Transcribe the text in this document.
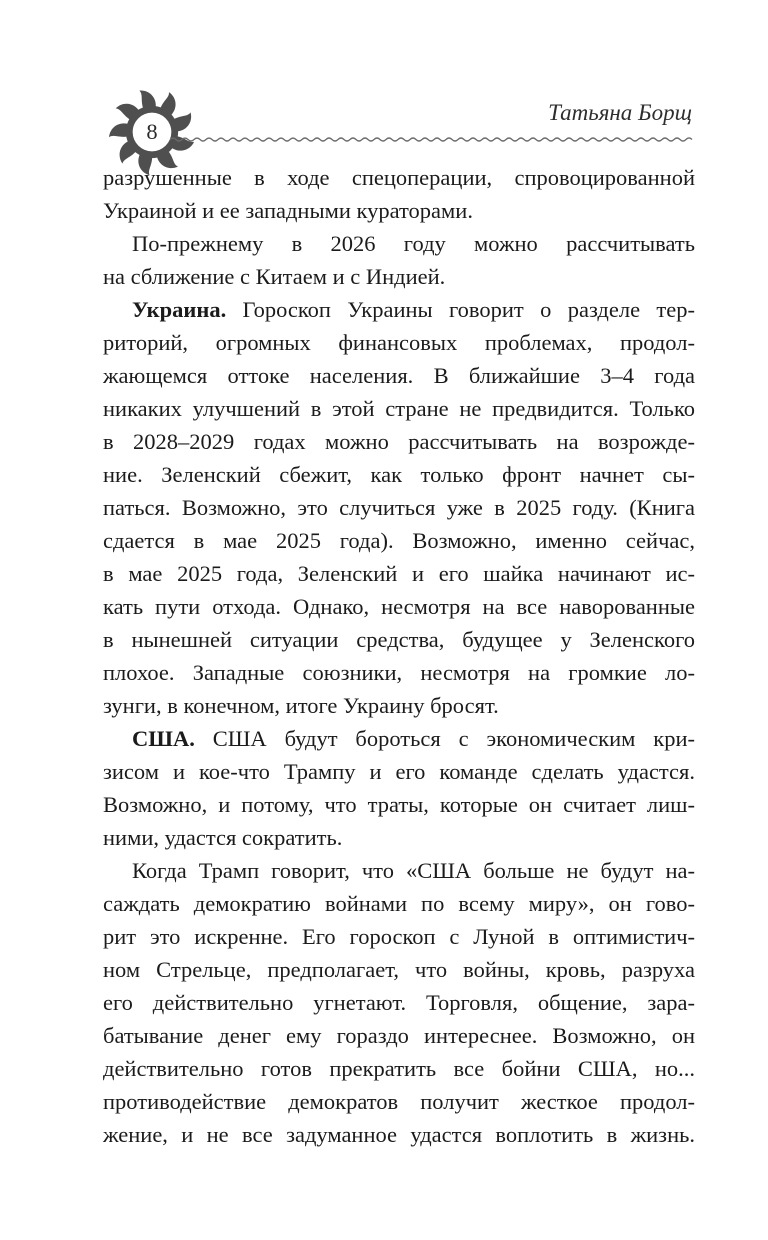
8
Татьяна Борщ
разрушенные в ходе спецоперации, спровоцированной
Украиной и ее западными кураторами.
По-прежнему в 2026 году можно рассчитывать
на сближение с Китаем и с Индией.
Украина. Гороскоп Украины говорит о разделе тер-
риторий, огромных финансовых проблемах, продол-
жающемся оттоке населения. В ближайшие 3–4 года
никаких улучшений в этой стране не предвидится. Только
в 2028–2029 годах можно рассчитывать на возрожде-
ние. Зеленский сбежит, как только фронт начнет сы-
паться. Возможно, это случиться уже в 2025 году. (Книга
сдается в мае 2025 года). Возможно, именно сейчас,
в мае 2025 года, Зеленский и его шайка начинают ис-
кать пути отхода. Однако, несмотря на все наворованные
в нынешней ситуации средства, будущее у Зеленского
плохое. Западные союзники, несмотря на громкие ло-
зунги, в конечном, итоге Украину бросят.
США. США будут бороться с экономическим кри-
зисом и кое-что Трампу и его команде сделать удастся.
Возможно, и потому, что траты, которые он считает лиш-
ними, удастся сократить.
Когда Трамп говорит, что «США больше не будут на-
саждать демократию войнами по всему миру», он гово-
рит это искренне. Его гороскоп с Луной в оптимистич-
ном Стрельце, предполагает, что войны, кровь, разруха
его действительно угнетают. Торговля, общение, зара-
батывание денег ему гораздо интереснее. Возможно, он
действительно готов прекратить все бойни США, но...
противодействие демократов получит жесткое продол-
жение, и не все задуманное удастся воплотить в жизнь.
